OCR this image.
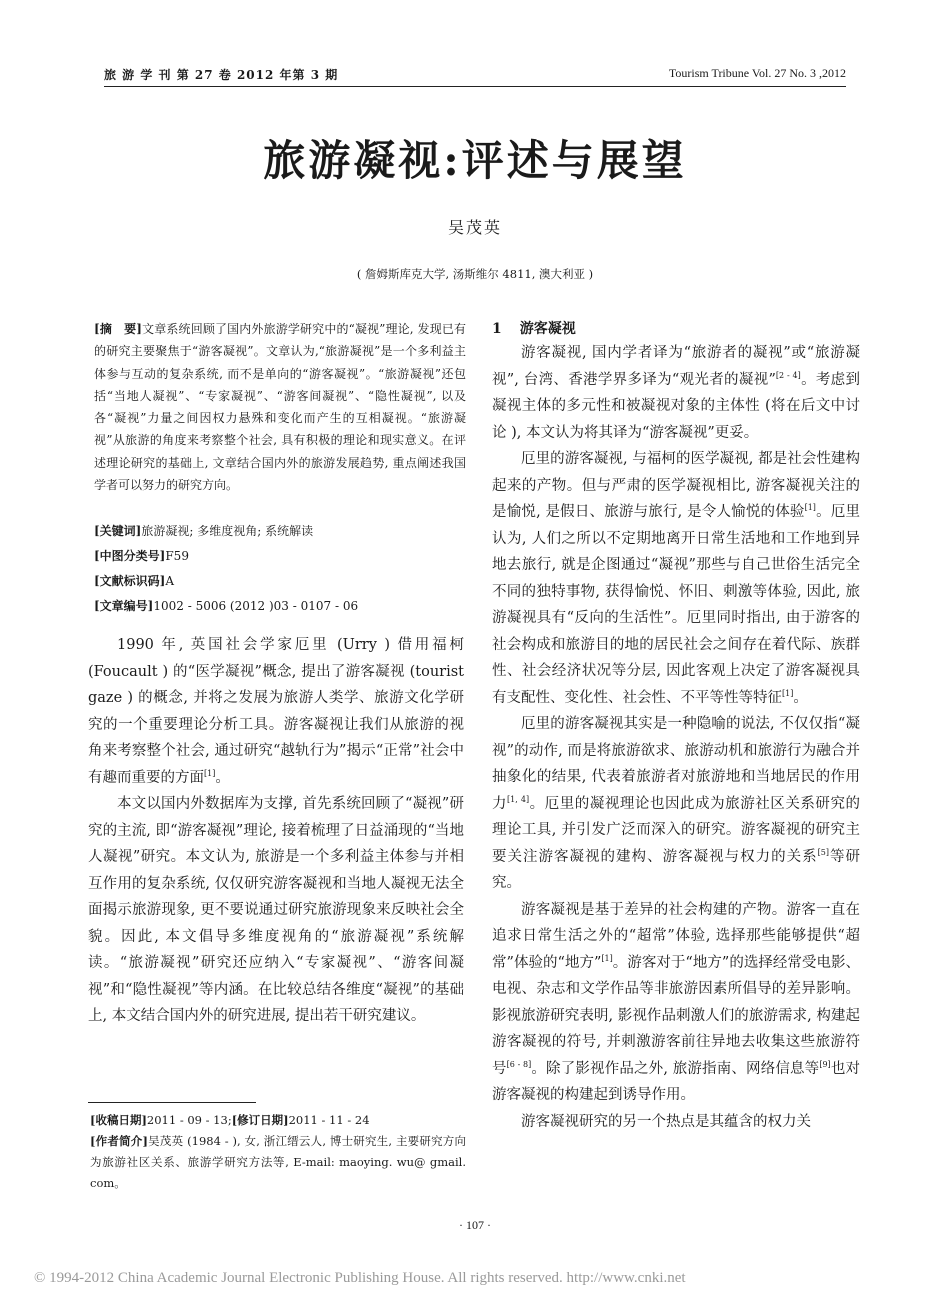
旅 游 学 刊 第 27 卷 2012 年第 3 期	Tourism Tribune Vol. 27 No. 3 ,2012
旅游凝视:评述与展望
吴茂英
( 詹姆斯库克大学, 汤斯维尔 4811, 澳大利亚 )
[摘　要]文章系统回顾了国内外旅游学研究中的“凝视”理论, 发现已有的研究主要聚焦于“游客凝视”。文章认为,“旅游凝视”是一个多利益主体参与互动的复杂系统, 而不是单向的“游客凝视”。“旅游凝视”还包括“当地人凝视”、“专家凝视”、“游客间凝视”、“隐性凝视”, 以及各“凝视”力量之间因权力悬殊和变化而产生的互相凝视。“旅游凝视”从旅游的角度来考察整个社会, 具有积极的理论和现实意义。在评述理论研究的基础上, 文章结合国内外的旅游发展趋势, 重点阐述我国学者可以努力的研究方向。
[关键词]旅游凝视; 多维度视角; 系统解读
[中图分类号]F59
[文献标识码]A
[文章编号]1002 - 5006 (2012 )03 - 0107 - 06

1990 年, 英国社会学家厄里 (Urry ) 借用福柯 (Foucault ) 的“医学凝视”概念, 提出了游客凝视 (tourist gaze ) 的概念, 并将之发展为旅游人类学、旅游文化学研究的一个重要理论分析工具。游客凝视让我们从旅游的视角来考察整个社会, 通过研究“越轨行为”揭示“正常”社会中有趣而重要的方面[1]。

本文以国内外数据库为支撑, 首先系统回顾了“凝视”研究的主流, 即“游客凝视”理论, 接着梳理了日益涌现的“当地人凝视”研究。本文认为, 旅游是一个多利益主体参与并相互作用的复杂系统, 仅仅研究游客凝视和当地人凝视无法全面揭示旅游现象, 更不要说通过研究旅游现象来反映社会全貌。因此, 本文倡导多维度视角的“旅游凝视”系统解读。“旅游凝视”研究还应纳入“专家凝视”、“游客间凝视”和“隐性凝视”等内涵。在比较总结各维度“凝视”的基础上, 本文结合国内外的研究进展, 提出若干研究建议。

[收稿日期]2011 - 09 - 13;[修订日期]2011 - 11 - 24
[作者简介]吴茂英 (1984 - ), 女, 浙江缙云人, 博士研究生, 主要研究方向为旅游社区关系、旅游学研究方法等, E-mail: maoying. wu@ gmail. com。
1 游客凝视

游客凝视, 国内学者译为“旅游者的凝视”或“旅游凝视”, 台湾、香港学界多译为“观光者的凝视”[2 - 4]。考虑到凝视主体的多元性和被凝视对象的主体性 (将在后文中讨论 ), 本文认为将其译为“游客凝视”更妥。

厄里的游客凝视, 与福柯的医学凝视, 都是社会性建构起来的产物。但与严肃的医学凝视相比, 游客凝视关注的是愉悦, 是假日、旅游与旅行, 是令人愉悦的体验[1]。厄里认为, 人们之所以不定期地离开日常生活地和工作地到异地去旅行, 就是企图通过“凝视”那些与自己世俗生活完全不同的独特事物, 获得愉悦、怀旧、刺激等体验, 因此, 旅游凝视具有“反向的生活性”。厄里同时指出, 由于游客的社会构成和旅游目的地的居民社会之间存在着代际、族群性、社会经济状况等分层, 因此客观上决定了游客凝视具有支配性、变化性、社会性、不平等性等特征[1]。

厄里的游客凝视其实是一种隐喻的说法, 不仅仅指“凝视”的动作, 而是将旅游欲求、旅游动机和旅游行为融合并抽象化的结果, 代表着旅游者对旅游地和当地居民的作用力[1, 4]。厄里的凝视理论也因此成为旅游社区关系研究的理论工具, 并引发广泛而深入的研究。游客凝视的研究主要关注游客凝视的建构、游客凝视与权力的关系[5]等研究。

游客凝视是基于差异的社会构建的产物。游客一直在追求日常生活之外的“超常”体验, 选择那些能够提供“超常”体验的“地方”[1]。游客对于“地方”的选择经常受电影、电视、杂志和文学作品等非旅游因素所倡导的差异影响。影视旅游研究表明, 影视作品刺激人们的旅游需求, 构建起游客凝视的符号, 并刺激游客前往异地去收集这些旅游符号[6 - 8]。除了影视作品之外, 旅游指南、网络信息等[9]也对游客凝视的构建起到诱导作用。

游客凝视研究的另一个热点是其蕴含的权力关

· 107 ·
© 1994-2012 China Academic Journal Electronic Publishing House. All rights reserved. http://www.cnki.net
